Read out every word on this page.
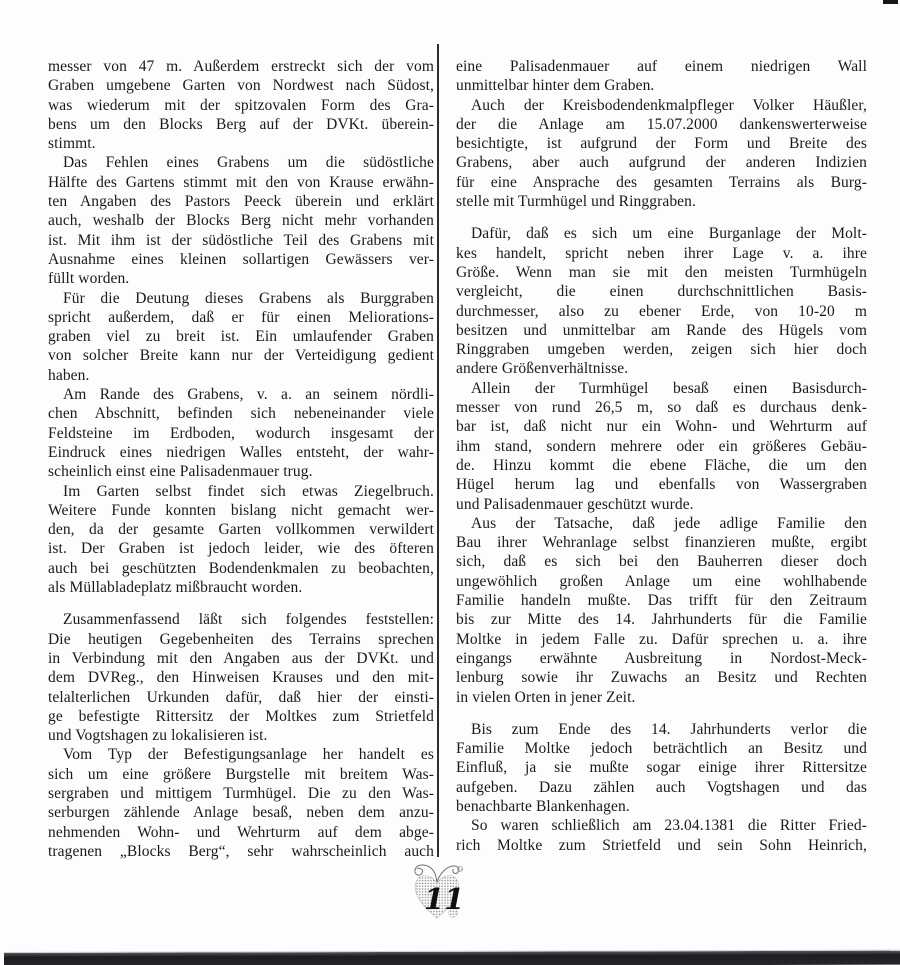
messer von 47 m. Außerdem erstreckt sich der vom
Graben umgebene Garten von Nordwest nach Südost,
was wiederum mit der spitzovalen Form des Gra-
bens um den Blocks Berg auf der DVKt. überein-
stimmt.
Das Fehlen eines Grabens um die südöstliche
Hälfte des Gartens stimmt mit den von Krause erwähn-
ten Angaben des Pastors Peeck überein und erklärt
auch, weshalb der Blocks Berg nicht mehr vorhanden
ist. Mit ihm ist der südöstliche Teil des Grabens mit
Ausnahme eines kleinen sollartigen Gewässers ver-
füllt worden.
Für die Deutung dieses Grabens als Burggraben
spricht außerdem, daß er für einen Meliorations-
graben viel zu breit ist. Ein umlaufender Graben
von solcher Breite kann nur der Verteidigung gedient
haben.
Am Rande des Grabens, v. a. an seinem nördli-
chen Abschnitt, befinden sich nebeneinander viele
Feldsteine im Erdboden, wodurch insgesamt der
Eindruck eines niedrigen Walles entsteht, der wahr-
scheinlich einst eine Palisadenmauer trug.
Im Garten selbst findet sich etwas Ziegelbruch.
Weitere Funde konnten bislang nicht gemacht wer-
den, da der gesamte Garten vollkommen verwildert
ist. Der Graben ist jedoch leider, wie des öfteren
auch bei geschützten Bodendenkmalen zu beobachten,
als Müllabladeplatz mißbraucht worden.
Zusammenfassend läßt sich folgendes feststellen:
Die heutigen Gegebenheiten des Terrains sprechen
in Verbindung mit den Angaben aus der DVKt. und
dem DVReg., den Hinweisen Krauses und den mit-
telalterlichen Urkunden dafür, daß hier der einsti-
ge befestigte Rittersitz der Moltkes zum Strietfeld
und Vogtshagen zu lokalisieren ist.
Vom Typ der Befestigungsanlage her handelt es
sich um eine größere Burgstelle mit breitem Was-
sergraben und mittigem Turmhügel. Die zu den Was-
serburgen zählende Anlage besaß, neben dem anzu-
nehmenden Wohn- und Wehrturm auf dem abge-
tragenen „Blocks Berg“, sehr wahrscheinlich auch
eine Palisadenmauer auf einem niedrigen Wall
unmittelbar hinter dem Graben.
Auch der Kreisbodendenkmalpfleger Volker Häußler,
der die Anlage am 15.07.2000 dankenswerterweise
besichtigte, ist aufgrund der Form und Breite des
Grabens, aber auch aufgrund der anderen Indizien
für eine Ansprache des gesamten Terrains als Burg-
stelle mit Turmhügel und Ringgraben.
Dafür, daß es sich um eine Burganlage der Molt-
kes handelt, spricht neben ihrer Lage v. a. ihre
Größe. Wenn man sie mit den meisten Turmhügeln
vergleicht, die einen durchschnittlichen Basis-
durchmesser, also zu ebener Erde, von 10-20 m
besitzen und unmittelbar am Rande des Hügels vom
Ringgraben umgeben werden, zeigen sich hier doch
andere Größenverhältnisse.
Allein der Turmhügel besaß einen Basisdurch-
messer von rund 26,5 m, so daß es durchaus denk-
bar ist, daß nicht nur ein Wohn- und Wehrturm auf
ihm stand, sondern mehrere oder ein größeres Gebäu-
de. Hinzu kommt die ebene Fläche, die um den
Hügel herum lag und ebenfalls von Wassergraben
und Palisadenmauer geschützt wurde.
Aus der Tatsache, daß jede adlige Familie den
Bau ihrer Wehranlage selbst finanzieren mußte, ergibt
sich, daß es sich bei den Bauherren dieser doch
ungewöhlich großen Anlage um eine wohlhabende
Familie handeln mußte. Das trifft für den Zeitraum
bis zur Mitte des 14. Jahrhunderts für die Familie
Moltke in jedem Falle zu. Dafür sprechen u. a. ihre
eingangs erwähnte Ausbreitung in Nordost-Meck-
lenburg sowie ihr Zuwachs an Besitz und Rechten
in vielen Orten in jener Zeit.
Bis zum Ende des 14. Jahrhunderts verlor die
Familie Moltke jedoch beträchtlich an Besitz und
Einfluß, ja sie mußte sogar einige ihrer Rittersitze
aufgeben. Dazu zählen auch Vogtshagen und das
benachbarte Blankenhagen.
So waren schließlich am 23.04.1381 die Ritter Fried-
rich Moltke zum Strietfeld und sein Sohn Heinrich,
11
